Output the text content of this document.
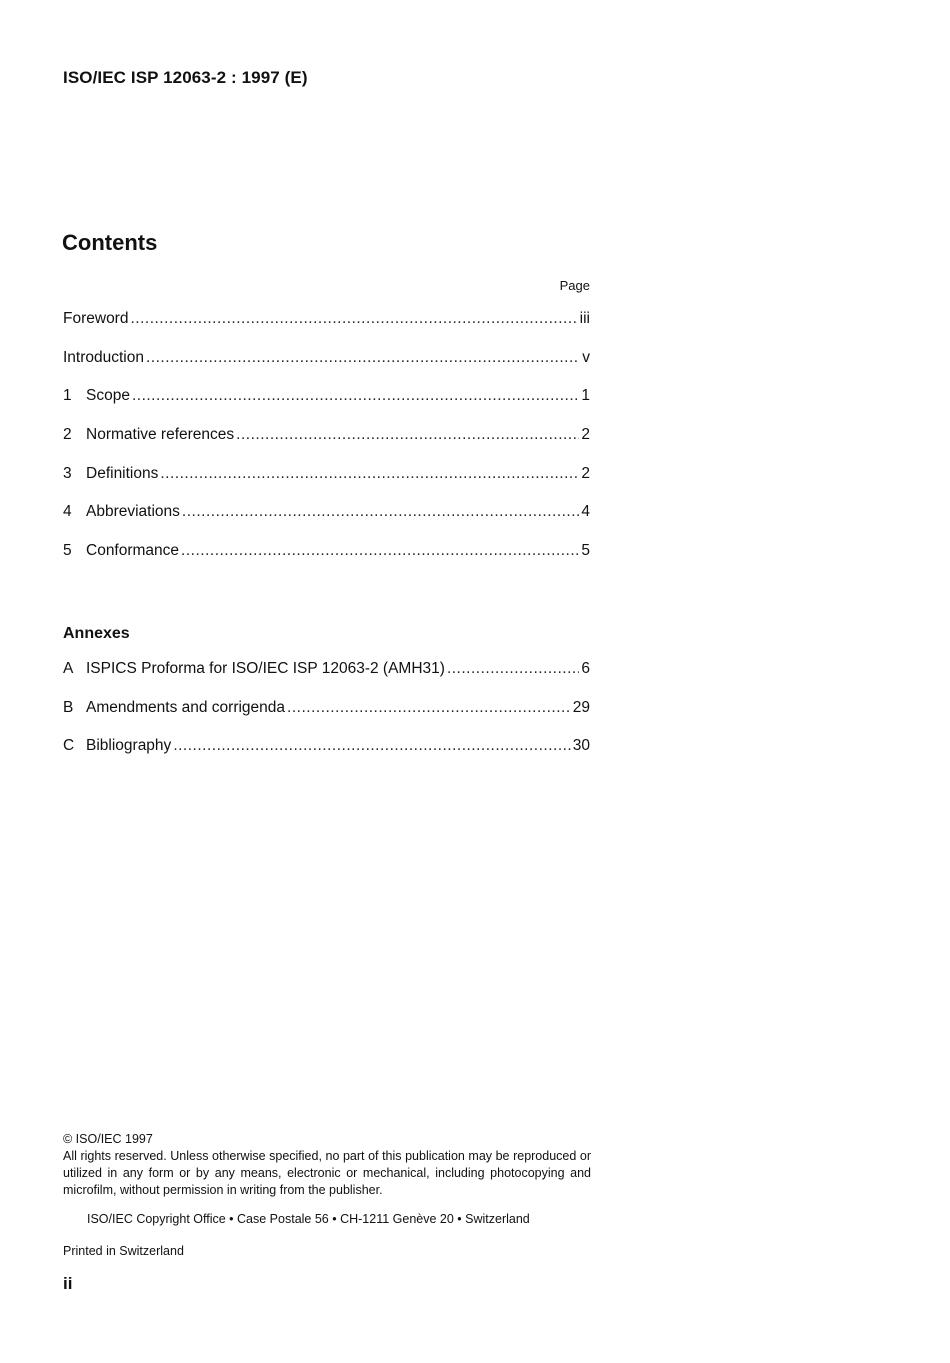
ISO/IEC ISP 12063-2 : 1997 (E)
Contents
Page
Foreword .....	iii
Introduction .....	v
1 Scope .....	1
2 Normative references .....	2
3 Definitions .....	2
4 Abbreviations .....	4
5 Conformance .....	5
Annexes
A ISPICS Proforma for ISO/IEC ISP 12063-2 (AMH31) .....	6
B Amendments and corrigenda .....	29
C Bibliography .....	30
© ISO/IEC 1997
All rights reserved. Unless otherwise specified, no part of this publication may be reproduced or utilized in any form or by any means, electronic or mechanical, including photocopying and microfilm, without permission in writing from the publisher.
ISO/IEC Copyright Office • Case Postale 56 • CH-1211 Genève 20 • Switzerland
Printed in Switzerland
ii
